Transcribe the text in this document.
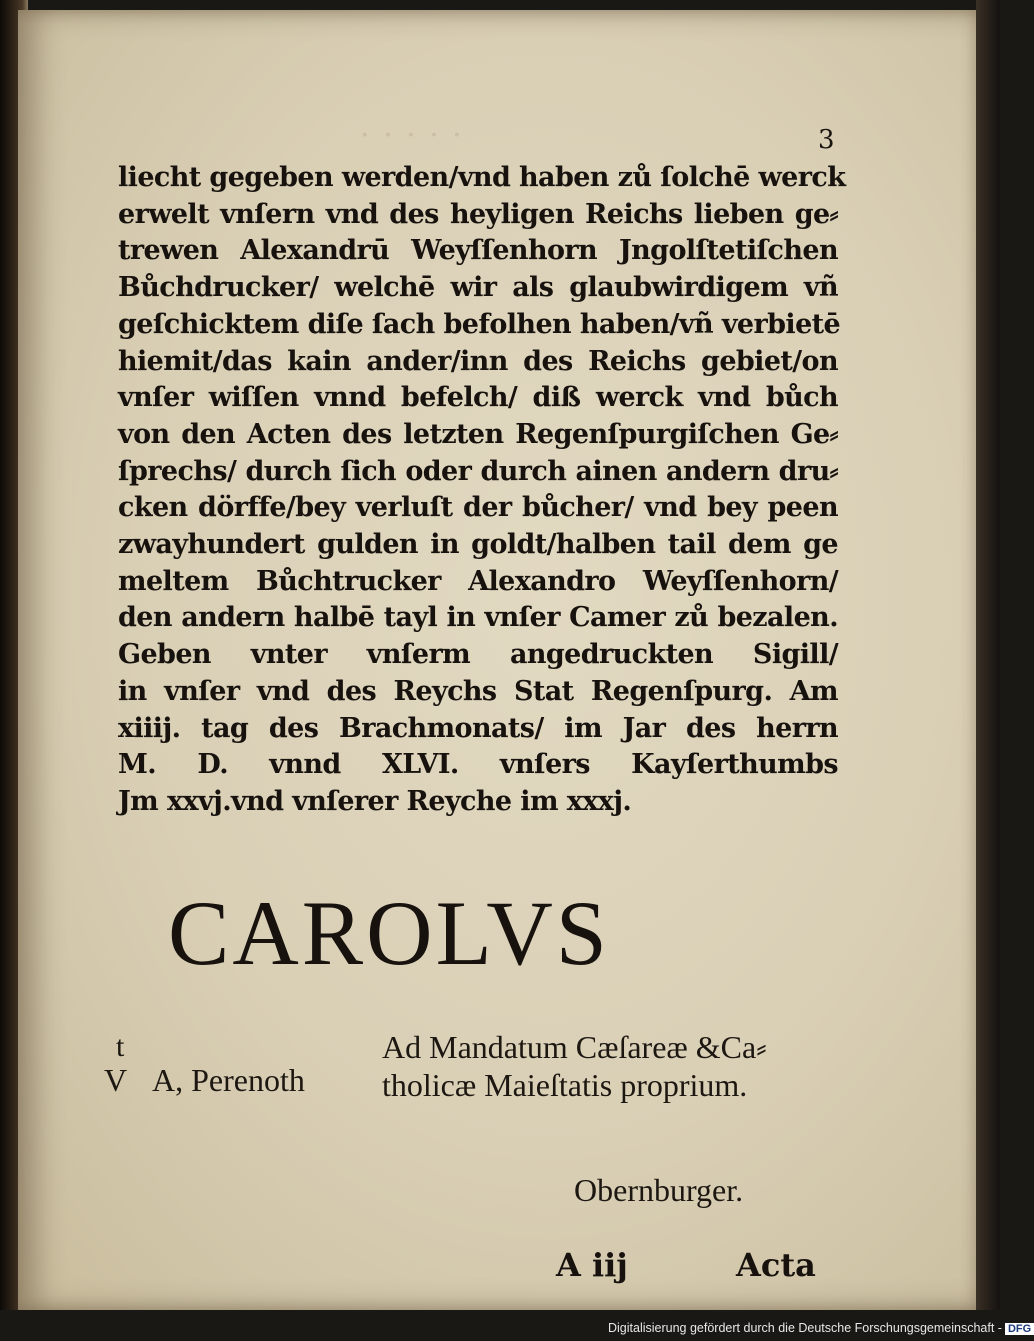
· · · · ·	3
liecht gegeben werden/vnd haben zů ſolchē werck
erwelt vnſern vnd des heyligen Reichs lieben ge⸗
trewen Alexandrū Weyſſenhorn Jngolſtetiſchen
Bůchdrucker/ welchē wir als glaubwirdigem vñ
geſchicktem diſe ſach befolhen haben/vñ verbietē
hiemit/das kain ander/inn des Reichs gebiet/on
vnſer wiſſen vnnd befelch/ diß werck vnd bůch
von den Acten des letzten Regenſpurgiſchen Ge⸗
ſprechs/ durch ſich oder durch ainen andern dru⸗
cken dörffe/bey verluſt der bůcher/ vnd bey peen
zwayhundert gulden in goldt/halben tail dem ge
meltem Bůchtrucker Alexandro Weyſſenhorn/
den andern halbē tayl in vnſer Camer zů bezalen.
Geben vnter vnſerm angedruckten Sigill/
in vnſer vnd des Reychs Stat Regenſpurg. Am
xiiij. tag des Brachmonats/ im Jar des herrn
M. D. vnnd XLVI. vnſers Kayſerthumbs
Jm xxvj.vnd vnſerer Reyche im xxxj.
CAROLVS
t
V A, Perenoth
Ad Mandatum Cæſareæ &Ca⸗
tholicæ Maieſtatis proprium.
Obernburger.
A iij	Acta
Digitalisierung gefördert durch die Deutsche Forschungsgemeinschaft - DFG
